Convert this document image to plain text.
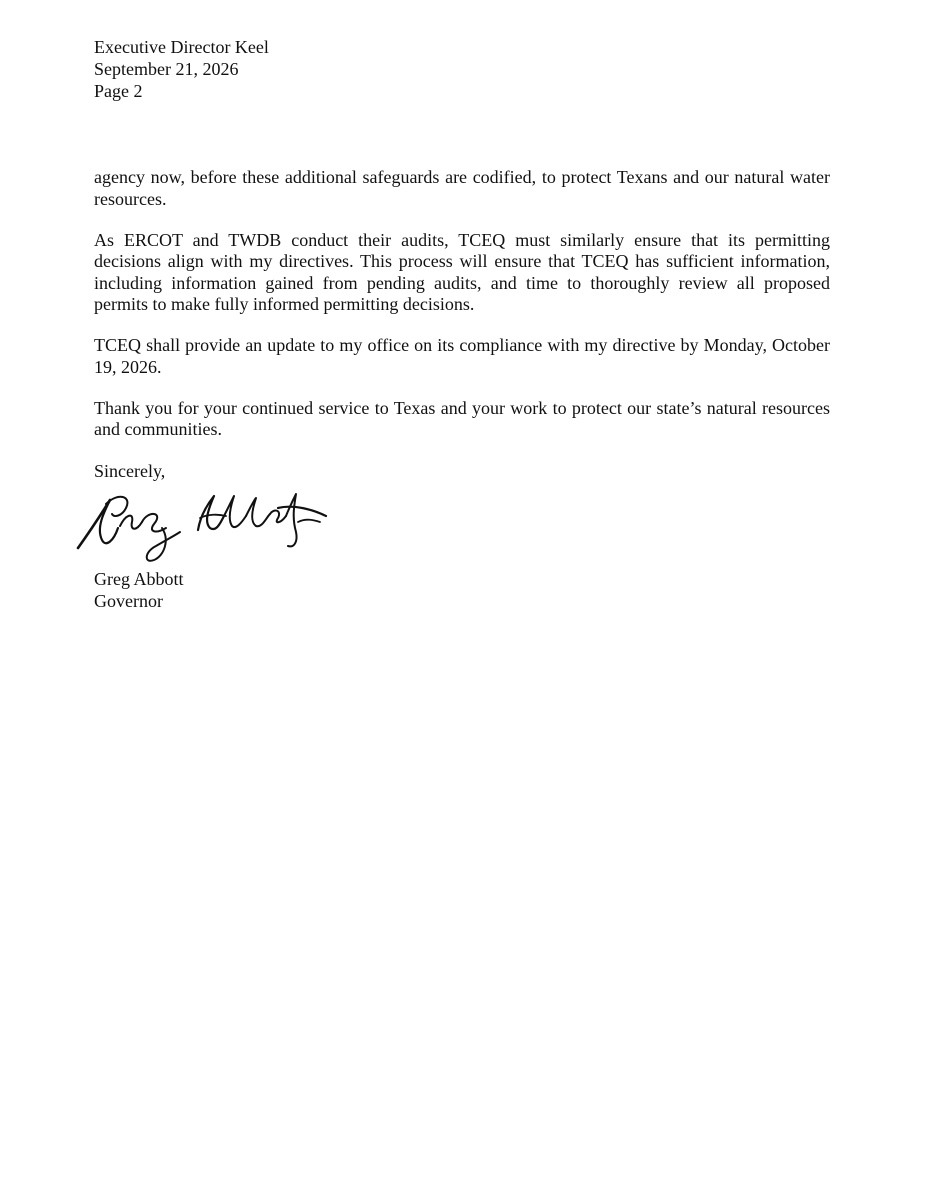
Executive Director Keel
September 21, 2026
Page 2

agency now, before these additional safeguards are codified, to protect Texans and our natural water resources.

As ERCOT and TWDB conduct their audits, TCEQ must similarly ensure that its permitting decisions align with my directives. This process will ensure that TCEQ has sufficient information, including information gained from pending audits, and time to thoroughly review all proposed permits to make fully informed permitting decisions.

TCEQ shall provide an update to my office on its compliance with my directive by Monday, October 19, 2026.

Thank you for your continued service to Texas and your work to protect our state’s natural resources and communities.

Sincerely,

Greg Abbott
Governor
